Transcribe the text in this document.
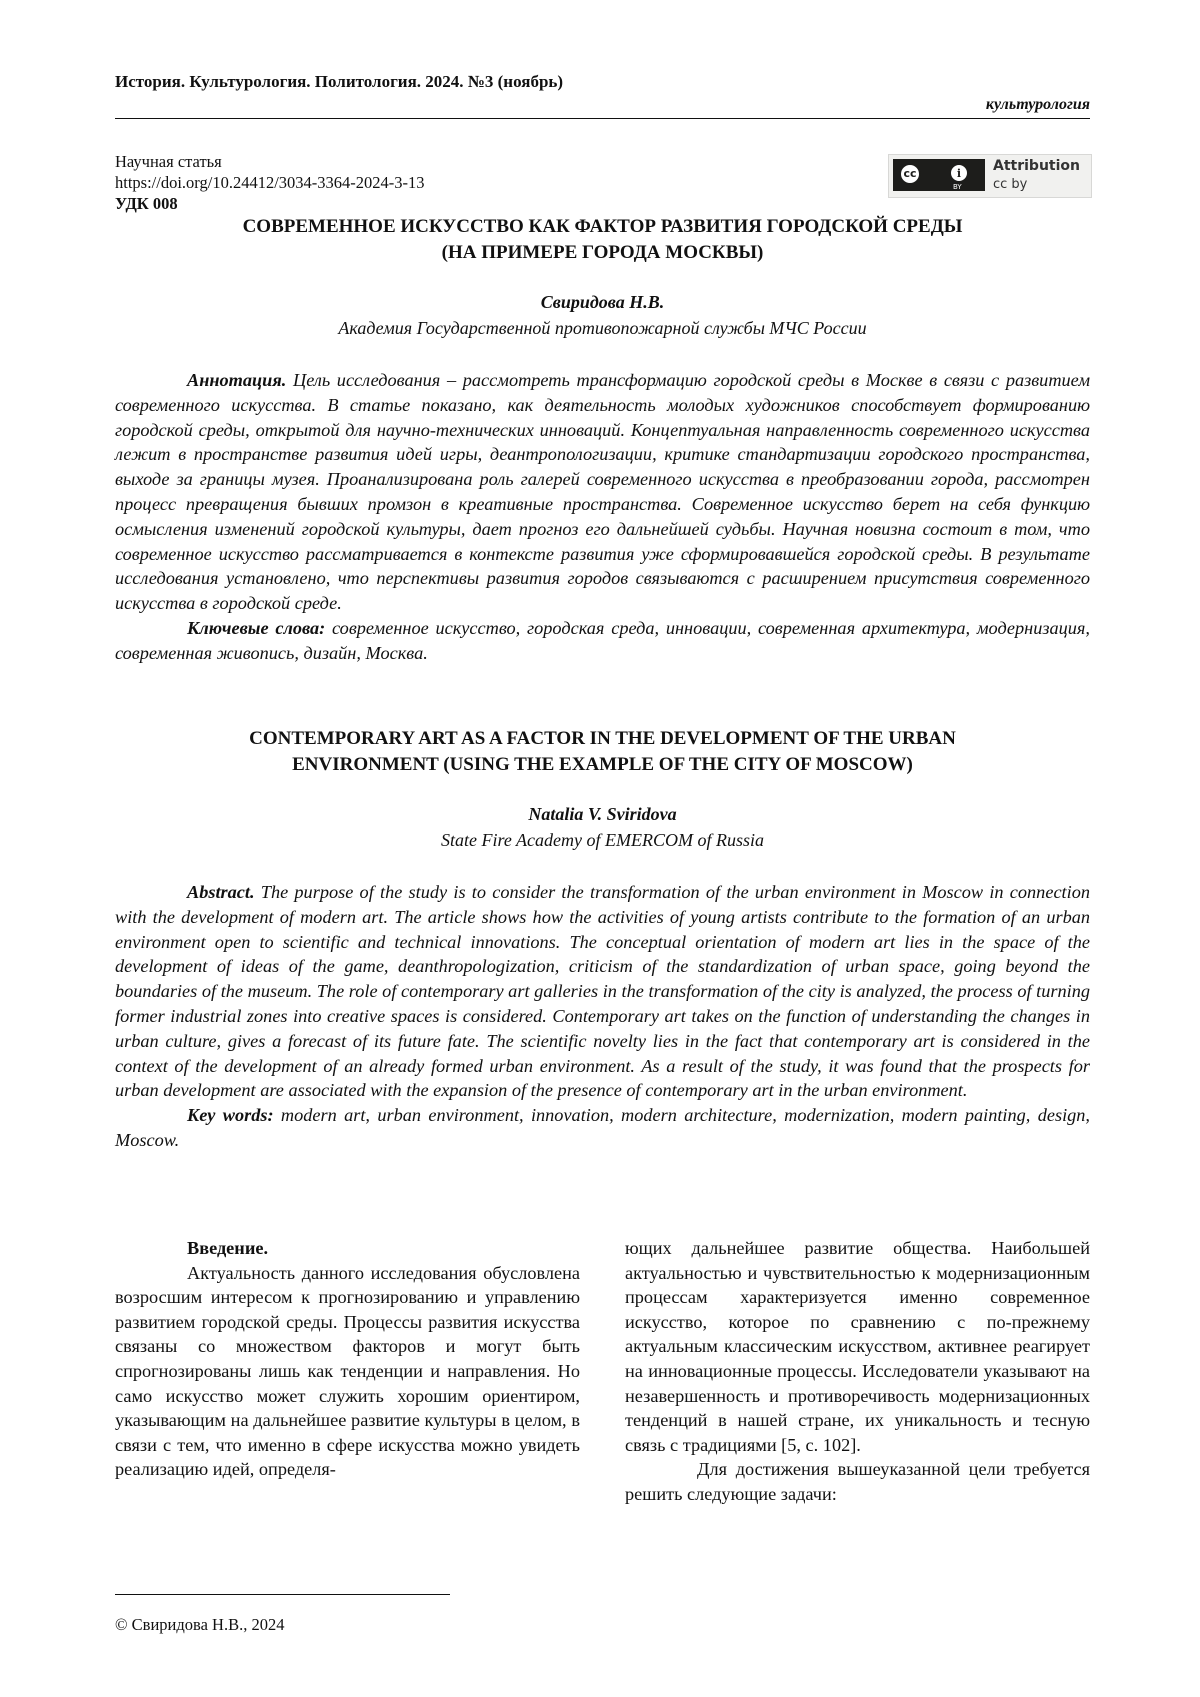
История. Культурология. Политология. 2024. №3 (ноябрь)
культурология
Научная статья
https://doi.org/10.24412/3034-3364-2024-3-13
УДК 008
cc	i
BY
Attribution
cc by
СОВРЕМЕННОЕ ИСКУССТВО КАК ФАКТОР РАЗВИТИЯ ГОРОДСКОЙ СРЕДЫ
(НА ПРИМЕРЕ ГОРОДА МОСКВЫ)
Свиридова Н.В.
Академия Государственной противопожарной службы МЧС России

Аннотация. Цель исследования – рассмотреть трансформацию городской среды в Москве в связи с развитием современного искусства. В статье показано, как деятельность молодых художников способствует формированию городской среды, открытой для научно-технических инноваций. Концептуальная направленность современного искусства лежит в пространстве развития идей игры, деантропологизации, критике стандартизации городского пространства, выходе за границы музея. Проанализирована роль галерей современного искусства в преобразовании города, рассмотрен процесс превращения бывших промзон в креативные пространства. Современное искусство берет на себя функцию осмысления изменений городской культуры, дает прогноз его дальнейшей судьбы. Научная новизна состоит в том, что современное искусство рассматривается в контексте развития уже сформировавшейся городской среды. В результате исследования установлено, что перспективы развития городов связываются с расширением присутствия современного искусства в городской среде.

Ключевые слова: современное искусство, городская среда, инновации, современная архитектура, модернизация, современная живопись, дизайн, Москва.

CONTEMPORARY ART AS A FACTOR IN THE DEVELOPMENT OF THE URBAN
ENVIRONMENT (USING THE EXAMPLE OF THE CITY OF MOSCOW)
Natalia V. Sviridova
State Fire Academy of EMERCOM of Russia

Abstract. The purpose of the study is to consider the transformation of the urban environment in Moscow in connection with the development of modern art. The article shows how the activities of young artists contribute to the formation of an urban environment open to scientific and technical innovations. The conceptual orientation of modern art lies in the space of the development of ideas of the game, deanthropologization, criticism of the standardization of urban space, going beyond the boundaries of the museum. The role of contemporary art galleries in the transformation of the city is analyzed, the process of turning former industrial zones into creative spaces is considered. Contemporary art takes on the function of understanding the changes in urban culture, gives a forecast of its future fate. The scientific novelty lies in the fact that contemporary art is considered in the context of the development of an already formed urban environment. As a result of the study, it was found that the prospects for urban development are associated with the expansion of the presence of contemporary art in the urban environment.

Key words: modern art, urban environment, innovation, modern architecture, modernization, modern painting, design, Moscow.

Введение.

Актуальность данного исследования обусловлена возросшим интересом к прогнозированию и управлению развитием городской среды. Процессы развития искусства связаны со множеством факторов и могут быть спрогнозированы лишь как тенденции и направления. Но само искусство может служить хорошим ориентиром, указывающим на дальнейшее развитие культуры в целом, в связи с тем, что именно в сфере искусства можно увидеть реализацию идей, определя-

ющих дальнейшее развитие общества. Наибольшей актуальностью и чувствительностью к модернизационным процессам характеризуется именно современное искусство, которое по сравнению с по-прежнему актуальным классическим искусством, активнее реагирует на инновационные процессы. Исследователи указывают на незавершенность и противоречивость модернизационных тенденций в нашей стране, их уникальность и тесную связь с традициями [5, с. 102].

Для достижения вышеуказанной цели требуется решить следующие задачи:

© Свиридова Н.В., 2024
